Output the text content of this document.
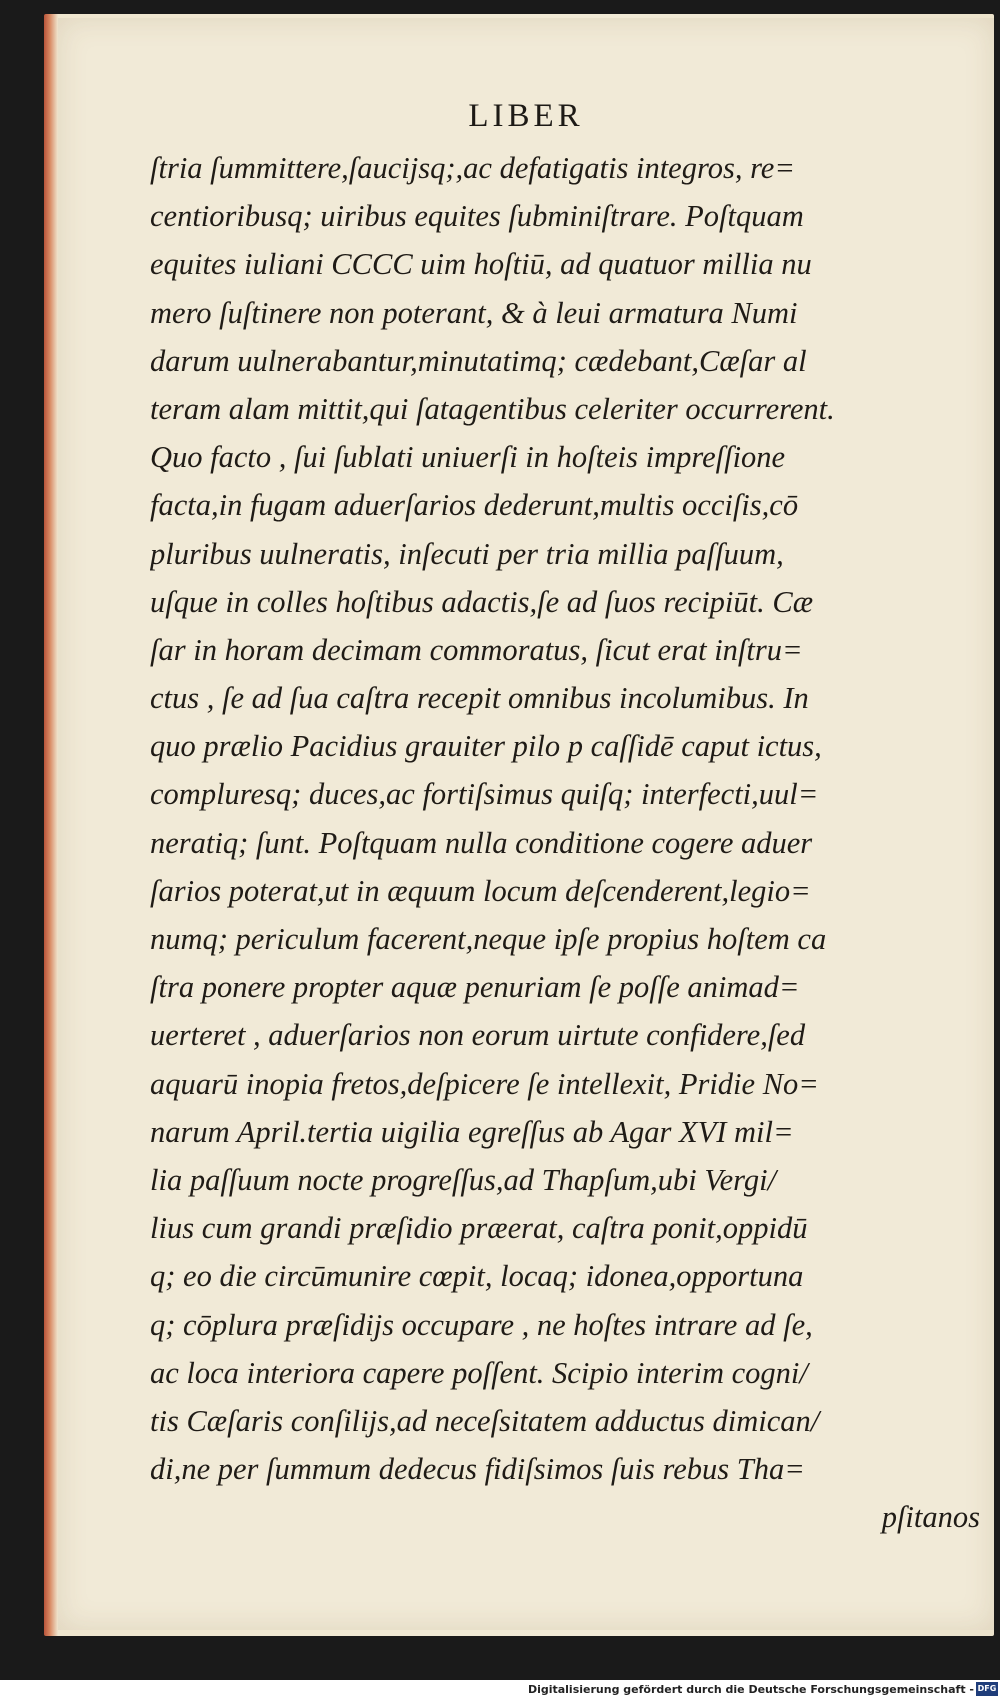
LIBER
ſtria ſummittere,ſaucijsq;,ac defatigatis integros, re=
centioribusq; uiribus equites ſubminiſtrare. Poſtquam
equites iuliani CCCC uim hoſtiū, ad quatuor millia nu
mero ſuſtinere non poterant, & à leui armatura Numi
darum uulnerabantur,minutatimq; cædebant,Cæſar al
teram alam mittit,qui ſatagentibus celeriter occurrerent.
Quo facto , ſui ſublati uniuerſi in hoſteis impreſſione
facta,in fugam aduerſarios dederunt,multis occiſis,cō
pluribus uulneratis, inſecuti per tria millia paſſuum,
uſque in colles hoſtibus adactis,ſe ad ſuos recipiūt. Cæ
ſar in horam decimam commoratus, ſicut erat inſtru=
ctus , ſe ad ſua caſtra recepit omnibus incolumibus. In
quo prælio Pacidius grauiter pilo p caſſidē caput ictus,
compluresq; duces,ac fortiſsimus quiſq; interfecti,uul=
neratiq; ſunt. Poſtquam nulla conditione cogere aduer
ſarios poterat,ut in æquum locum deſcenderent,legio=
numq; periculum facerent,neque ipſe propius hoſtem ca
ſtra ponere propter aquæ penuriam ſe poſſe animad=
uerteret , aduerſarios non eorum uirtute confidere,ſed
aquarū inopia fretos,deſpicere ſe intellexit, Pridie No=
narum April.tertia uigilia egreſſus ab Agar XVI mil=
lia paſſuum nocte progreſſus,ad Thapſum,ubi Vergi/
lius cum grandi præſidio præerat, caſtra ponit,oppidū
q; eo die circūmunire cœpit, locaq; idonea,opportuna
q; cōplura præſidijs occupare , ne hoſtes intrare ad ſe,
ac loca interiora capere poſſent. Scipio interim cogni/
tis Cæſaris conſilijs,ad neceſsitatem adductus dimican/
di,ne per ſummum dedecus fidiſsimos ſuis rebus Tha=
pſitanos
Digitalisierung gefördert durch die Deutsche Forschungsgemeinschaft - DFG
